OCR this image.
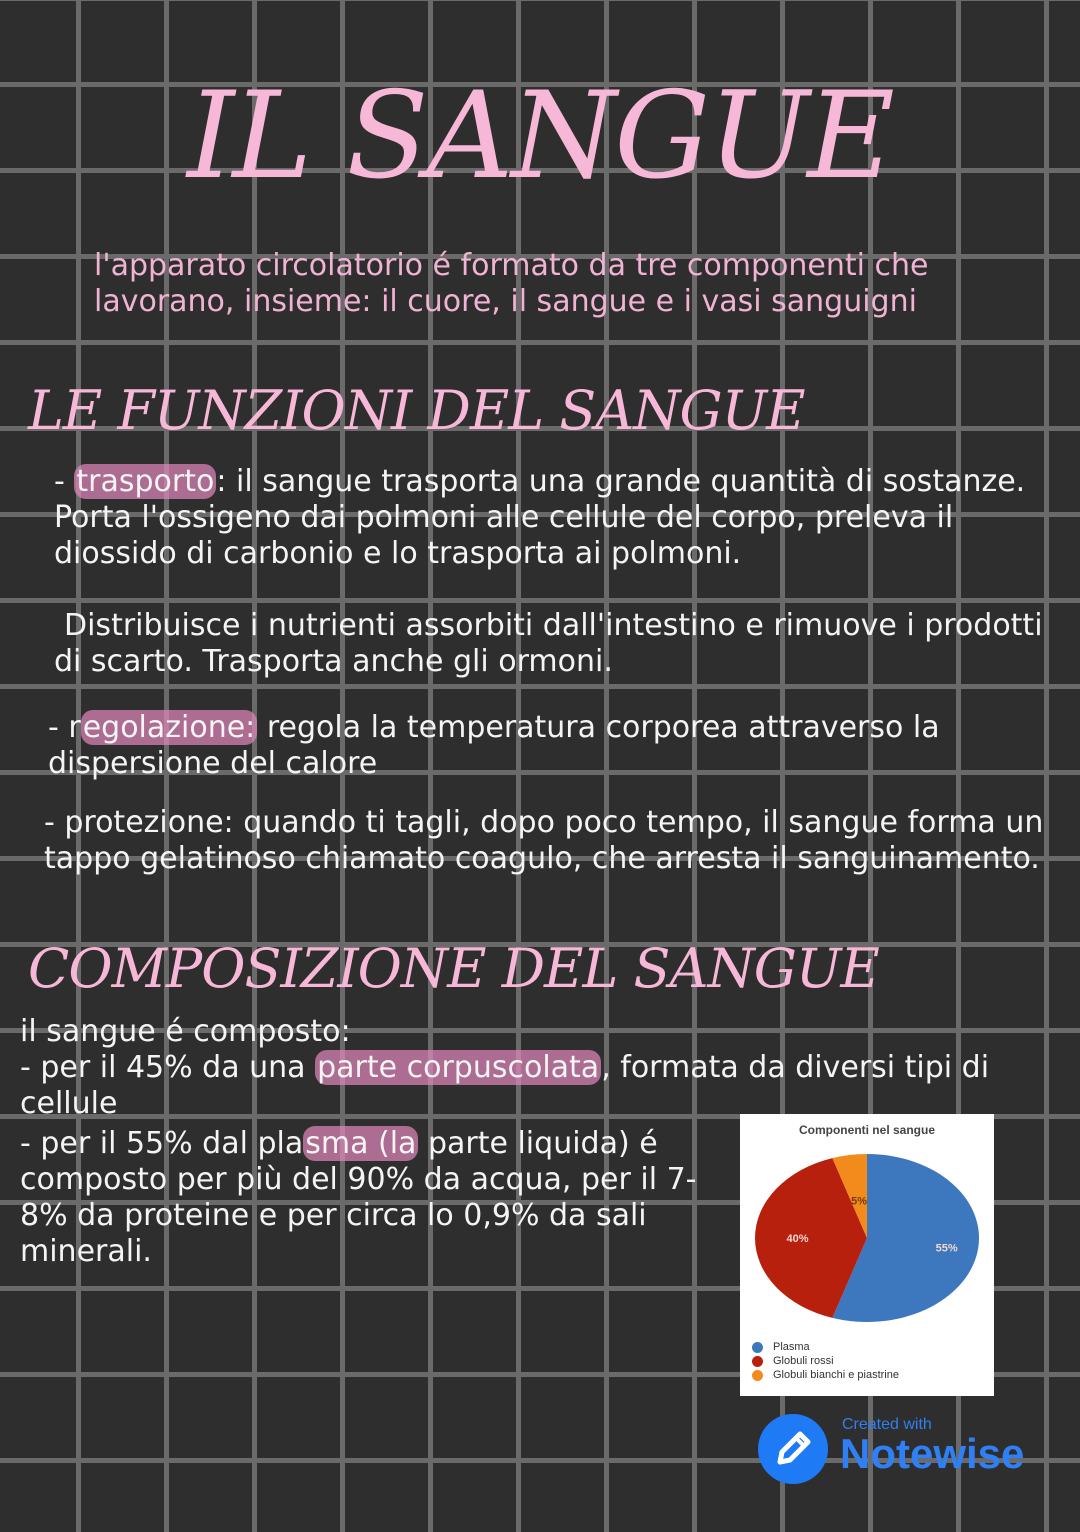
IL SANGUE

l'apparato circolatorio é formato da tre componenti che lavorano, insieme: il cuore, il sangue e i vasi sanguigni

LE FUNZIONI DEL SANGUE

- trasporto: il sangue trasporta una grande quantità di sostanze. Porta l'ossigeno dai polmoni alle cellule del corpo, preleva il diossido di carbonio e lo trasporta ai polmoni.

Distribuisce i nutrienti assorbiti dall'intestino e rimuove i prodotti di scarto. Trasporta anche gli ormoni.

- regolazione: regola la temperatura corporea attraverso la dispersione del calore

- protezione: quando ti tagli, dopo poco tempo, il sangue forma un tappo gelatinoso chiamato coagulo, che arresta il sanguinamento.

COMPOSIZIONE DEL SANGUE

il sangue é composto:
- per il 45% da una parte corpuscolata, formata da diversi tipi di cellule

- per il 55% dal plasma (la parte liquida) é composto per più del 90% da acqua, per il 7-8% da proteine e per circa lo 0,9% da sali minerali.

Componenti nel sangue
55%
40%
5%
Plasma
Globuli rossi
Globuli bianchi e piastrine
Created with
Notewise
